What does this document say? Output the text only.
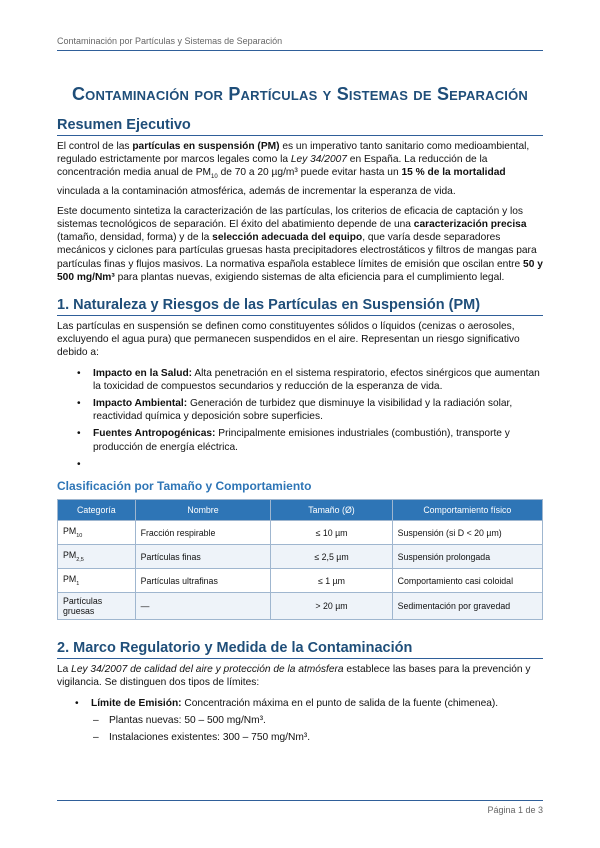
Contaminación por Partículas y Sistemas de Separación
Contaminación por Partículas y Sistemas de Separación
Resumen Ejecutivo

El control de las partículas en suspensión (PM) es un imperativo tanto sanitario como medioambiental, regulado estrictamente por marcos legales como la Ley 34/2007 en España. La reducción de la concentración media anual de $PM_{10}$ de 70 a 20 µg/m³ puede evitar hasta un 15 % de la mortalidad vinculada a la contaminación atmosférica, además de incrementar la esperanza de vida.

Este documento sintetiza la caracterización de las partículas, los criterios de eficacia de captación y los sistemas tecnológicos de separación. El éxito del abatimiento depende de una caracterización precisa (tamaño, densidad, forma) y de la selección adecuada del equipo, que varía desde separadores mecánicos y ciclones para partículas gruesas hasta precipitadores electrostáticos y filtros de mangas para partículas finas y flujos masivos. La normativa española establece límites de emisión que oscilan entre 50 y 500 mg/Nm³ para plantas nuevas, exigiendo sistemas de alta eficiencia para el cumplimiento legal.

1. Naturaleza y Riesgos de las Partículas en Suspensión (PM)

Las partículas en suspensión se definen como constituyentes sólidos o líquidos (cenizas o aerosoles, excluyendo el agua pura) que permanecen suspendidos en el aire. Representan un riesgo significativo debido a:

• Impacto en la Salud: Alta penetración en el sistema respiratorio, efectos sinérgicos que aumentan la toxicidad de compuestos secundarios y reducción de la esperanza de vida.
• Impacto Ambiental: Generación de turbidez que disminuye la visibilidad y la radiación solar, reactividad química y deposición sobre superficies.
• Fuentes Antropogénicas: Principalmente emisiones industriales (combustión), transporte y producción de energía eléctrica.
•

Clasificación por Tamaño y Comportamiento
Categoría	Nombre	Tamaño (Ø)	Comportamiento físico
$PM_{10}$	Fracción respirable	≤ 10 µm	Suspensión (si D < 20 µm)
$PM_{2,5}$	Partículas finas	≤ 2,5 µm	Suspensión prolongada
$PM_1$	Partículas ultrafinas	≤ 1 µm	Comportamiento casi coloidal
Partículas gruesas	—	> 20 µm	Sedimentación por gravedad
2. Marco Regulatorio y Medida de la Contaminación

La Ley 34/2007 de calidad del aire y protección de la atmósfera establece las bases para la prevención y vigilancia. Se distinguen dos tipos de límites:

• Límite de Emisión: Concentración máxima en el punto de salida de la fuente (chimenea).
– Plantas nuevas: 50 – 500 mg/Nm³.
– Instalaciones existentes: 300 – 750 mg/Nm³.
Página 1 de 3
